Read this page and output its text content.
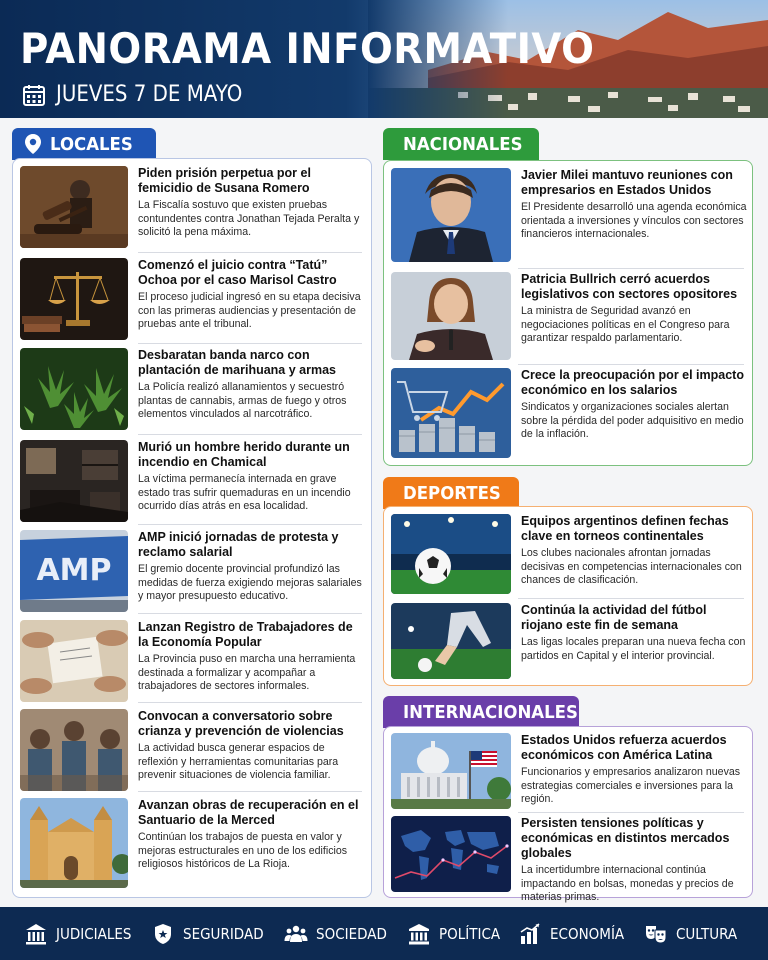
PANORAMA INFORMATIVO
JUEVES 7 DE MAYO
LOCALES
Piden prisión perpetua por el femicidio de Susana Romero

La Fiscalía sostuvo que existen pruebas contundentes contra Jonathan Tejada Peralta y solicitó la pena máxima.

Comenzó el juicio contra “Tatú” Ochoa por el caso Marisol Castro

El proceso judicial ingresó en su etapa decisiva con las primeras audiencias y presentación de pruebas ante el tribunal.

Desbaratan banda narco con plantación de marihuana y armas

La Policía realizó allanamientos y secuestró plantas de cannabis, armas de fuego y otros elementos vinculados al narcotráfico.

Murió un hombre herido durante un incendio en Chamical

La víctima permanecía internada en grave estado tras sufrir quemaduras en un incendio ocurrido días atrás en esa localidad.

AMP
AMP inició jornadas de protesta y reclamo salarial

El gremio docente provincial profundizó las medidas de fuerza exigiendo mejoras salariales y mayor presupuesto educativo.

Lanzan Registro de Trabajadores de la Economía Popular

La Provincia puso en marcha una herramienta destinada a formalizar y acompañar a trabajadores de sectores informales.

Convocan a conversatorio sobre crianza y prevención de violencias

La actividad busca generar espacios de reflexión y herramientas comunitarias para prevenir situaciones de violencia familiar.

Avanzan obras de recuperación en el Santuario de la Merced

Continúan los trabajos de puesta en valor y mejoras estructurales en uno de los edificios religiosos históricos de La Rioja.

NACIONALES
Javier Milei mantuvo reuniones con empresarios en Estados Unidos

El Presidente desarrolló una agenda económica orientada a inversiones y vínculos con sectores financieros internacionales.

Patricia Bullrich cerró acuerdos legislativos con sectores opositores

La ministra de Seguridad avanzó en negociaciones políticas en el Congreso para garantizar respaldo parlamentario.

Crece la preocupación por el impacto económico en los salarios

Sindicatos y organizaciones sociales alertan sobre la pérdida del poder adquisitivo en medio de la inflación.

DEPORTES
Equipos argentinos definen fechas clave en torneos continentales

Los clubes nacionales afrontan jornadas decisivas en competencias internacionales con chances de clasificación.

Continúa la actividad del fútbol riojano este fin de semana

Las ligas locales preparan una nueva fecha con partidos en Capital y el interior provincial.

INTERNACIONALES
Estados Unidos refuerza acuerdos económicos con América Latina

Funcionarios y empresarios analizaron nuevas estrategias comerciales e inversiones para la región.

Persisten tensiones políticas y económicas en distintos mercados globales

La incertidumbre internacional continúa impactando en bolsas, monedas y precios de materias primas.

JUDICIALES	SEGURIDAD	SOCIEDAD	POLÍTICA	ECONOMÍA	CULTURA
